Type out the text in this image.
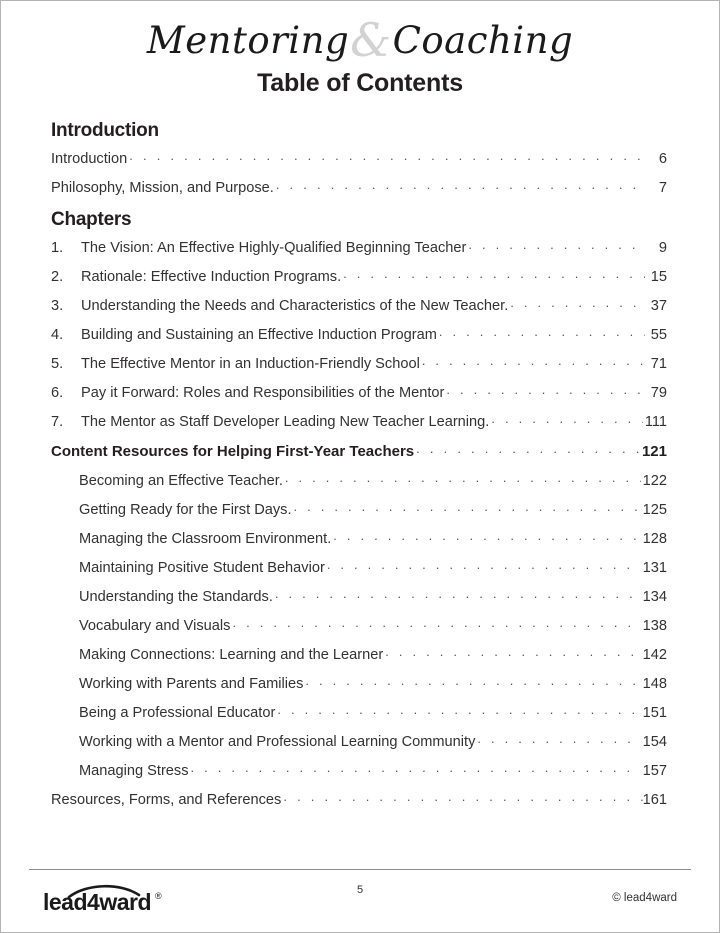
Mentoring&Coaching
Table of Contents
Introduction
Introduction . . .	6
Philosophy, Mission, and Purpose. . . .	7
Chapters
1.	The Vision: An Effective Highly-Qualified Beginning Teacher . . .	9
2.	Rationale: Effective Induction Programs. . . .	15
3.	Understanding the Needs and Characteristics of the New Teacher. . . .	37
4.	Building and Sustaining an Effective Induction Program . . .	55
5.	The Effective Mentor in an Induction-Friendly School . . .	71
6.	Pay it Forward: Roles and Responsibilities of the Mentor . . .	79
7.	The Mentor as Staff Developer Leading New Teacher Learning. . . .	111
Content Resources for Helping First-Year Teachers . . .	121
Becoming an Effective Teacher. . . .	122
Getting Ready for the First Days. . . .	125
Managing the Classroom Environment. . . .	128
Maintaining Positive Student Behavior . . .	131
Understanding the Standards. . . .	134
Vocabulary and Visuals . . .	138
Making Connections: Learning and the Learner . . .	142
Working with Parents and Families . . .	148
Being a Professional Educator . . .	151
Working with a Mentor and Professional Learning Community . . .	154
Managing Stress . . .	157
Resources, Forms, and References . . .	161
lead4ward ®	5
© lead4ward
